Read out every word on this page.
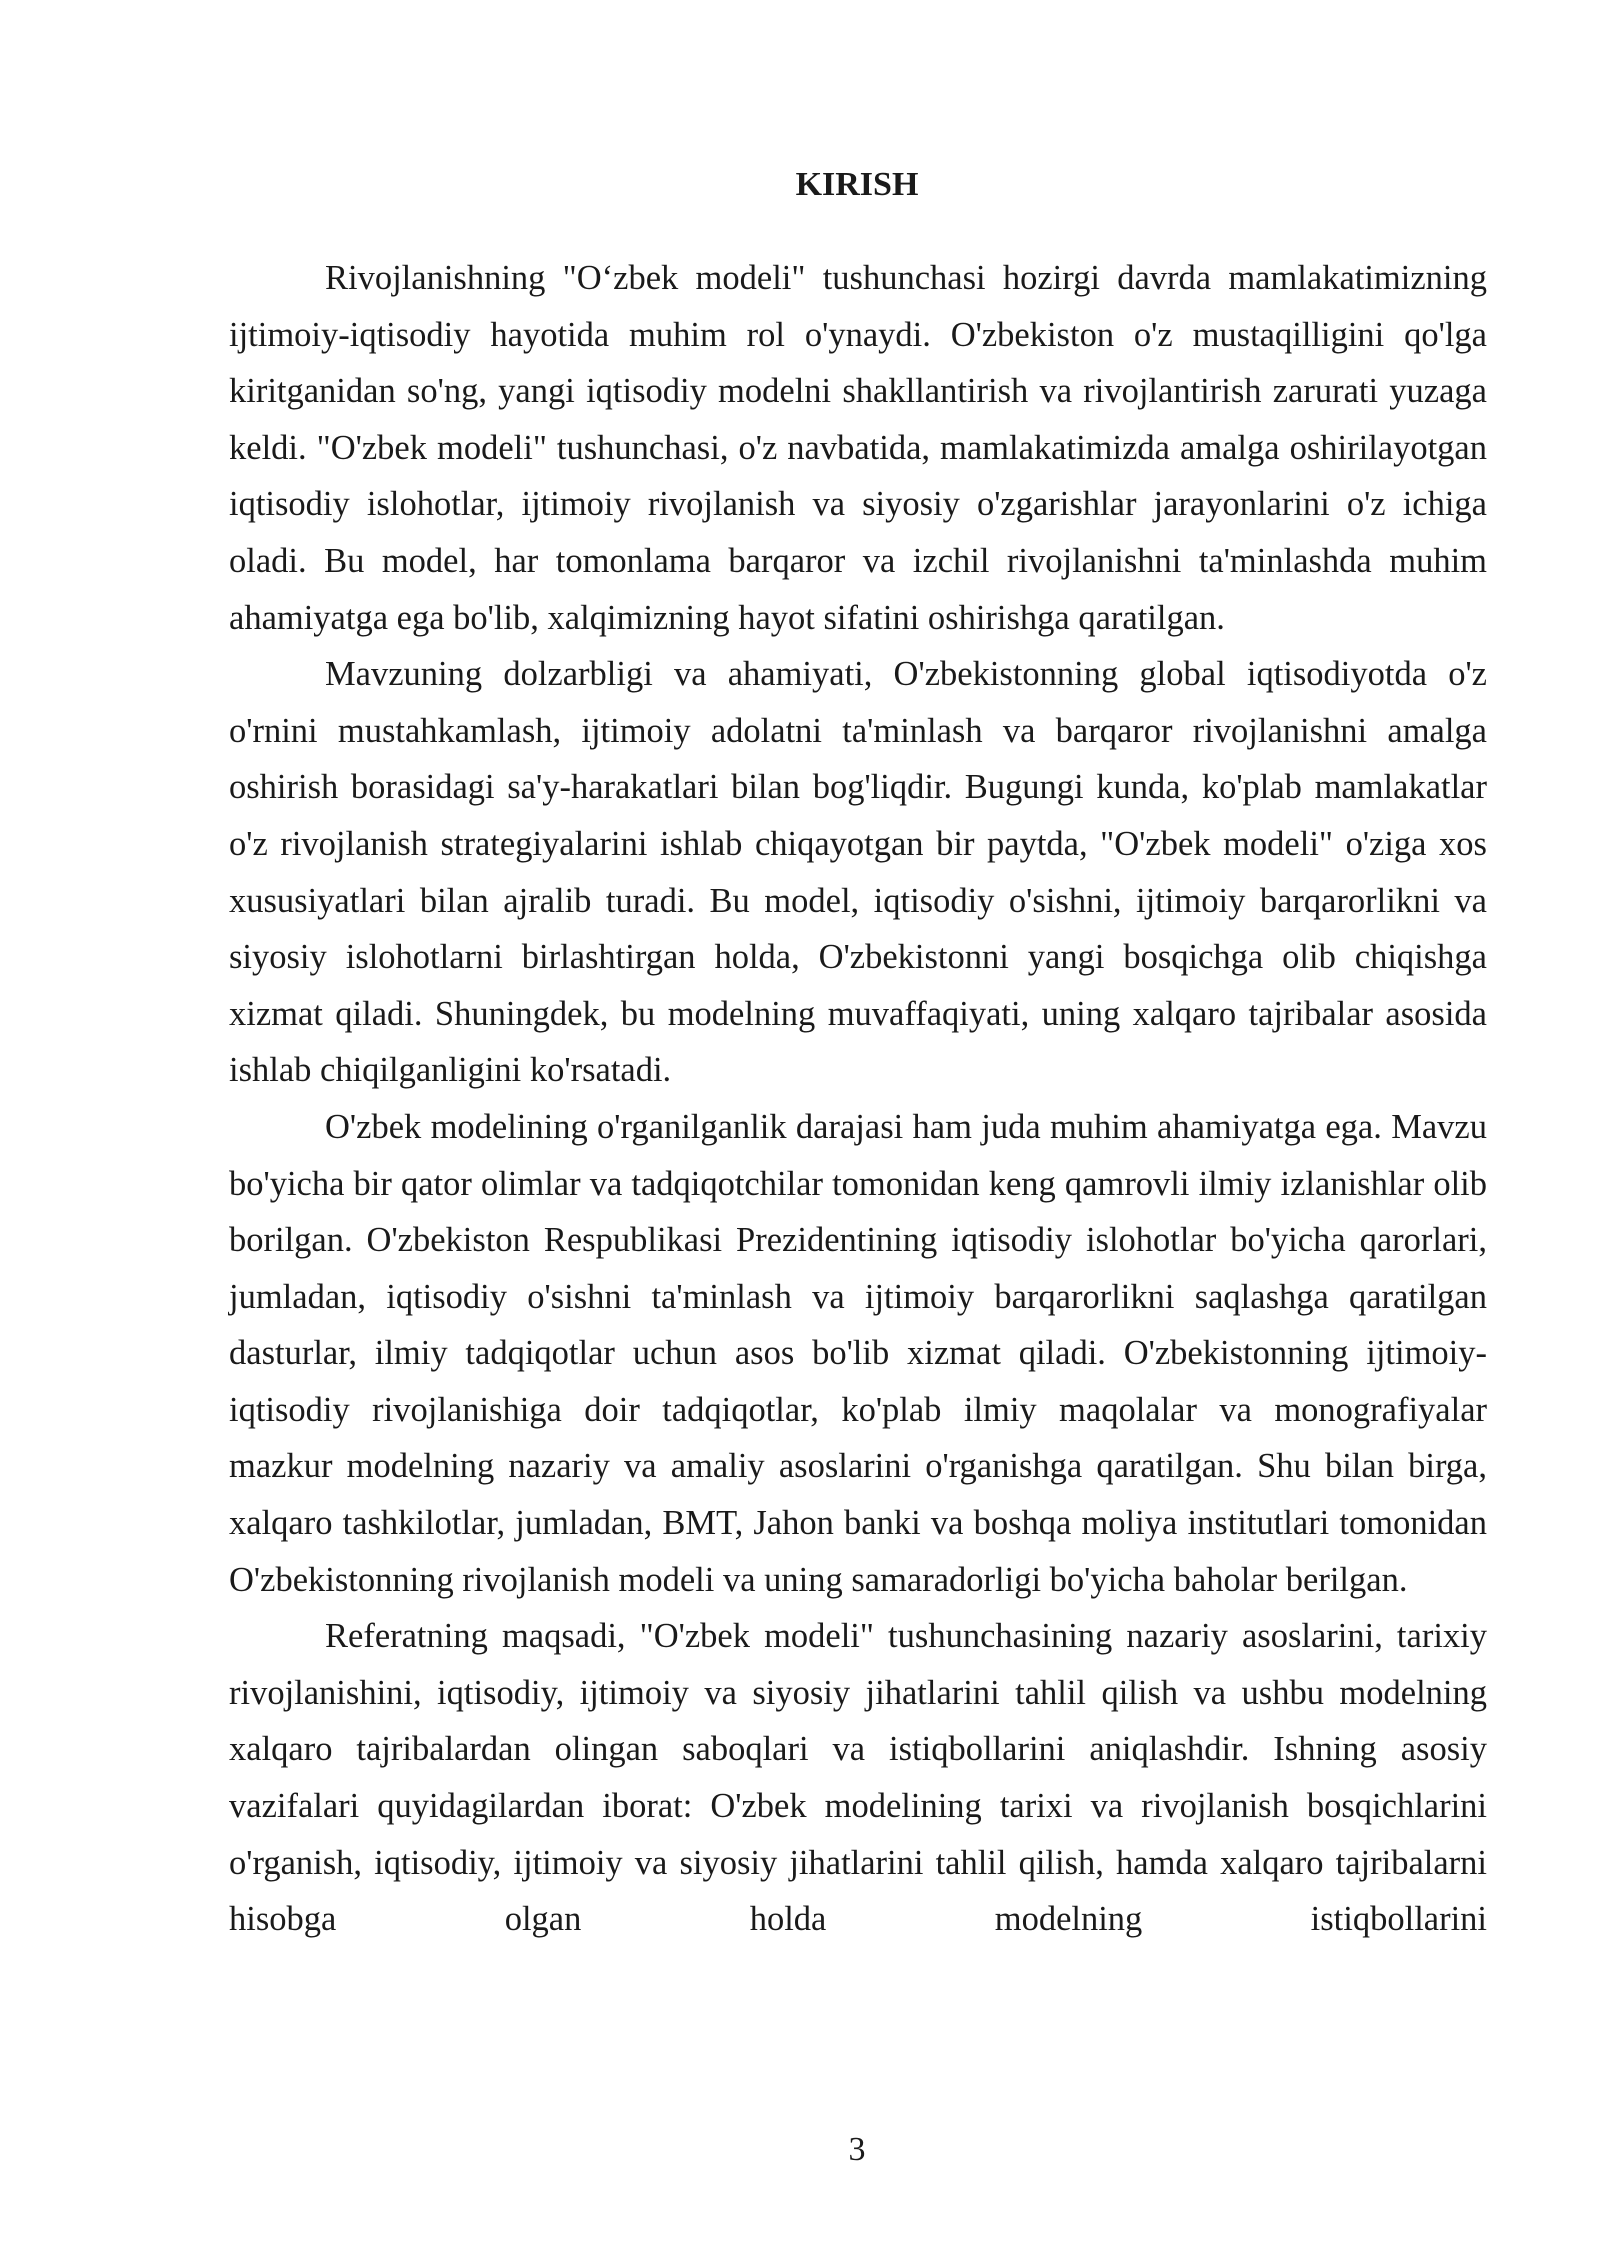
KIRISH

Rivojlanishning "O‘zbek modeli" tushunchasi hozirgi davrda mamlakatimizning ijtimoiy-iqtisodiy hayotida muhim rol o'ynaydi. O'zbekiston o'z mustaqilligini qo'lga kiritganidan so'ng, yangi iqtisodiy modelni shakllantirish va rivojlantirish zarurati yuzaga keldi. "O'zbek modeli" tushunchasi, o'z navbatida, mamlakatimizda amalga oshirilayotgan iqtisodiy islohotlar, ijtimoiy rivojlanish va siyosiy o'zgarishlar jarayonlarini o'z ichiga oladi. Bu model, har tomonlama barqaror va izchil rivojlanishni ta'minlashda muhim ahamiyatga ega bo'lib, xalqimizning hayot sifatini oshirishga qaratilgan.

Mavzuning dolzarbligi va ahamiyati, O'zbekistonning global iqtisodiyotda o'z o'rnini mustahkamlash, ijtimoiy adolatni ta'minlash va barqaror rivojlanishni amalga oshirish borasidagi sa'y-harakatlari bilan bog'liqdir. Bugungi kunda, ko'plab mamlakatlar o'z rivojlanish strategiyalarini ishlab chiqayotgan bir paytda, "O'zbek modeli" o'ziga xos xususiyatlari bilan ajralib turadi. Bu model, iqtisodiy o'sishni, ijtimoiy barqarorlikni va siyosiy islohotlarni birlashtirgan holda, O'zbekistonni yangi bosqichga olib chiqishga xizmat qiladi. Shuningdek, bu modelning muvaffaqiyati, uning xalqaro tajribalar asosida ishlab chiqilganligini ko'rsatadi.

O'zbek modelining o'rganilganlik darajasi ham juda muhim ahamiyatga ega. Mavzu bo'yicha bir qator olimlar va tadqiqotchilar tomonidan keng qamrovli ilmiy izlanishlar olib borilgan. O'zbekiston Respublikasi Prezidentining iqtisodiy islohotlar bo'yicha qarorlari, jumladan, iqtisodiy o'sishni ta'minlash va ijtimoiy barqarorlikni saqlashga qaratilgan dasturlar, ilmiy tadqiqotlar uchun asos bo'lib xizmat qiladi. O'zbekistonning ijtimoiy-iqtisodiy rivojlanishiga doir tadqiqotlar, ko'plab ilmiy maqolalar va monografiyalar mazkur modelning nazariy va amaliy asoslarini o'rganishga qaratilgan. Shu bilan birga, xalqaro tashkilotlar, jumladan, BMT, Jahon banki va boshqa moliya institutlari tomonidan O'zbekistonning rivojlanish modeli va uning samaradorligi bo'yicha baholar berilgan.

Referatning maqsadi, "O'zbek modeli" tushunchasining nazariy asoslarini, tarixiy rivojlanishini, iqtisodiy, ijtimoiy va siyosiy jihatlarini tahlil qilish va ushbu modelning xalqaro tajribalardan olingan saboqlari va istiqbollarini aniqlashdir. Ishning asosiy vazifalari quyidagilardan iborat: O'zbek modelining tarixi va rivojlanish bosqichlarini o'rganish, iqtisodiy, ijtimoiy va siyosiy jihatlarini tahlil qilish, hamda xalqaro tajribalarni hisobga olgan holda modelning istiqbollarini

3
